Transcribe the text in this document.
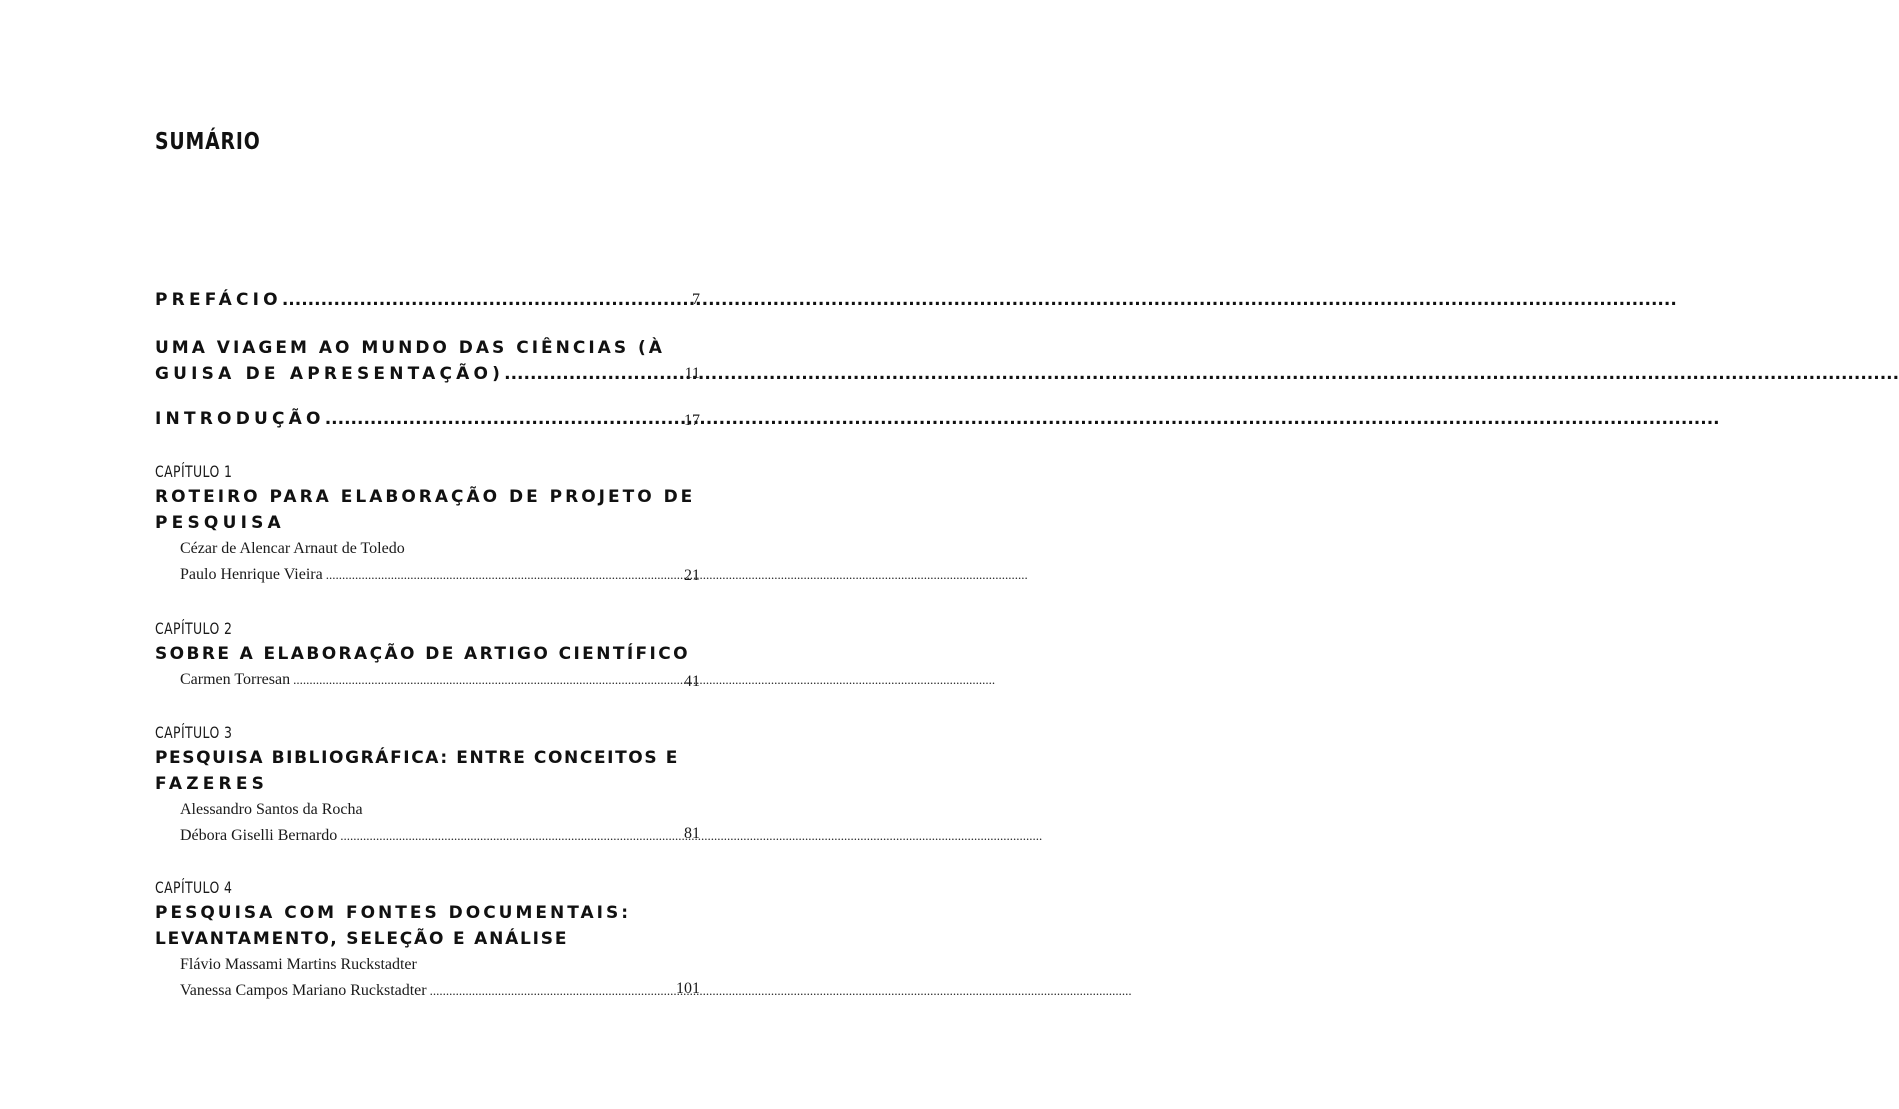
SUMÁRIO
PREFÁCIO .....	7
UMA VIAGEM AO MUNDO DAS CIÊNCIAS (À
GUISA DE APRESENTAÇÃO) .....	11
INTRODUÇÃO .....	17
CAPÍTULO 1
ROTEIRO PARA ELABORAÇÃO DE PROJETO DE
PESQUISA
Cézar de Alencar Arnaut de Toledo
Paulo Henrique Vieira .....	21
CAPÍTULO 2
SOBRE A ELABORAÇÃO DE ARTIGO CIENTÍFICO
Carmen Torresan .....	41
CAPÍTULO 3
PESQUISA BIBLIOGRÁFICA: ENTRE CONCEITOS E
FAZERES
Alessandro Santos da Rocha
Débora Giselli Bernardo .....	81
CAPÍTULO 4
PESQUISA COM FONTES DOCUMENTAIS:
LEVANTAMENTO, SELEÇÃO E ANÁLISE
Flávio Massami Martins Ruckstadter
Vanessa Campos Mariano Ruckstadter .....	101
